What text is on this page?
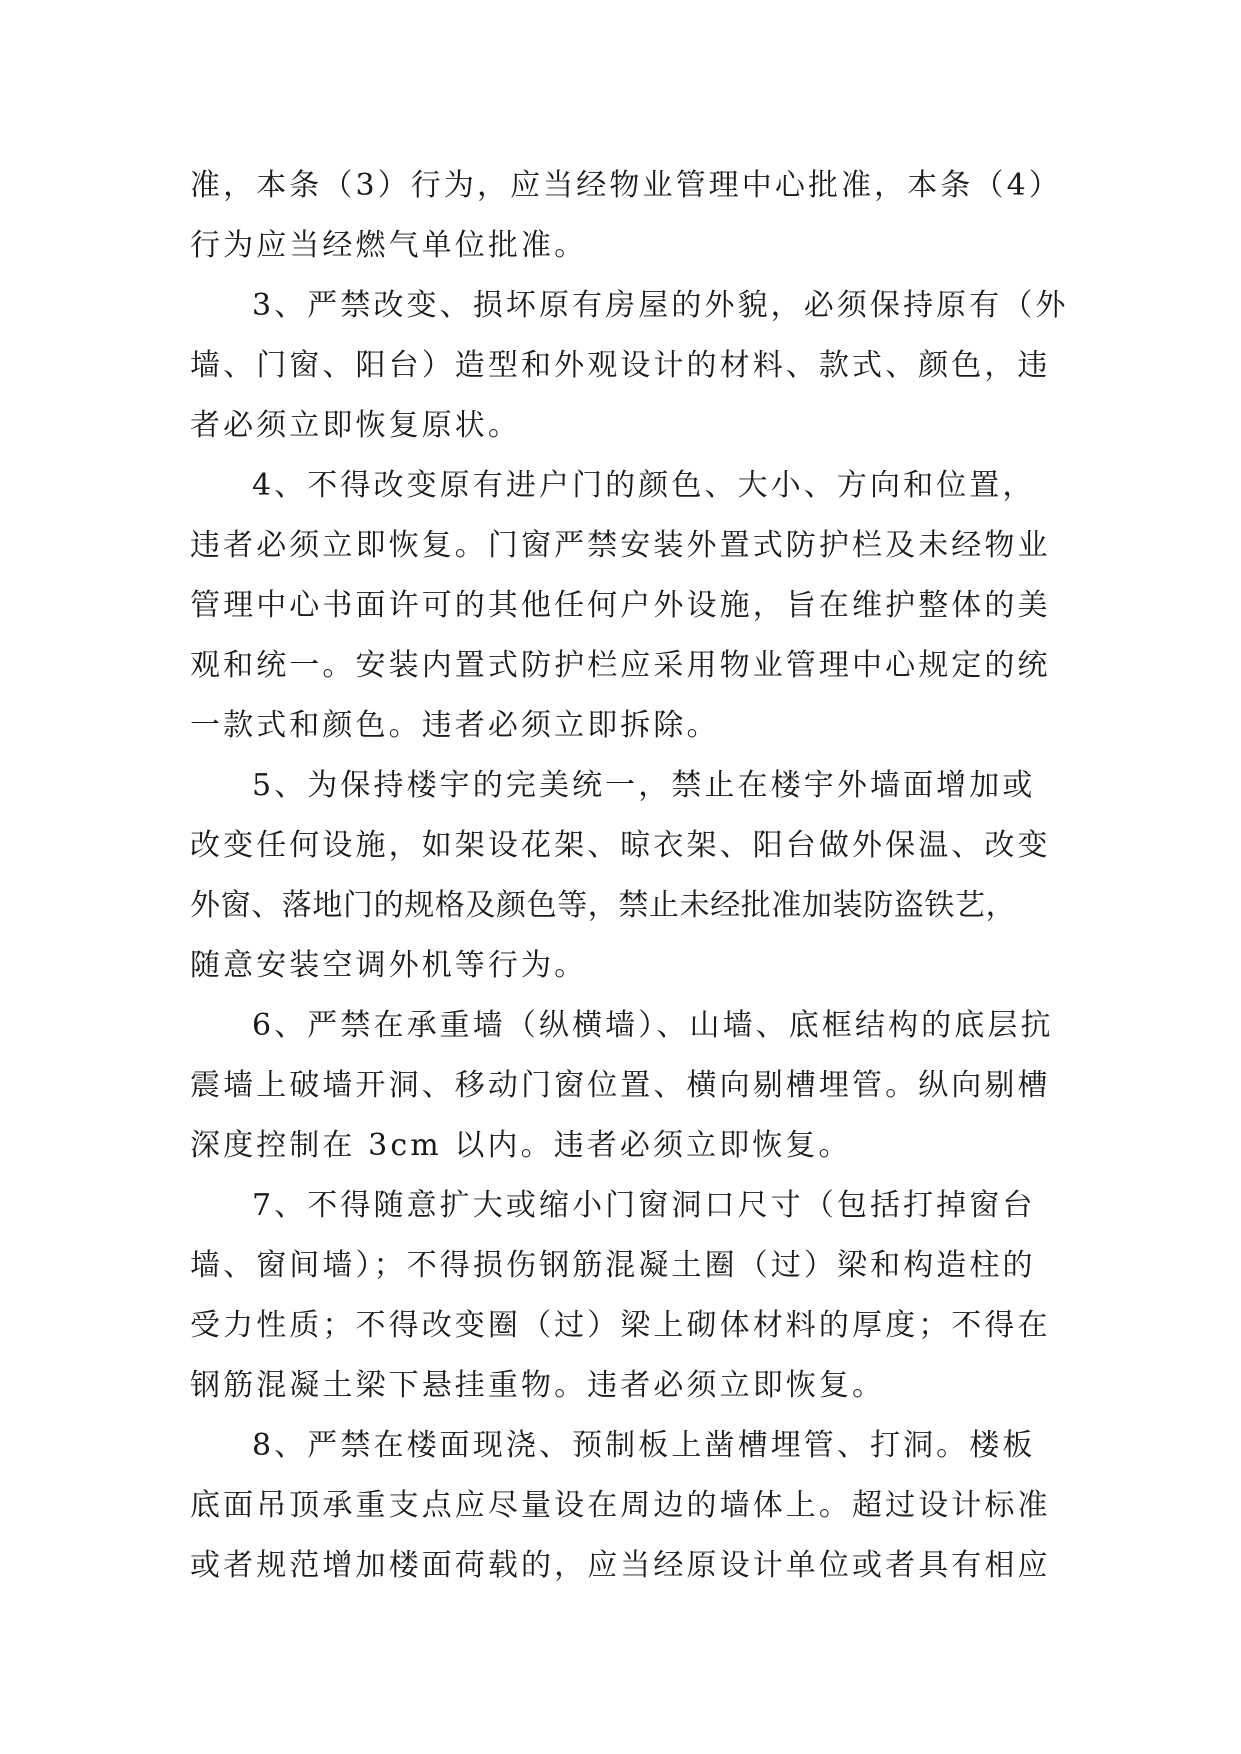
准，本条（3）行为，应当经物业管理中心批准，本条（4）
行为应当经燃气单位批准。
3、严禁改变、损坏原有房屋的外貌，必须保持原有（外
墙、门窗、阳台）造型和外观设计的材料、款式、颜色，违
者必须立即恢复原状。
4、不得改变原有进户门的颜色、大小、方向和位置，
违者必须立即恢复。门窗严禁安装外置式防护栏及未经物业
管理中心书面许可的其他任何户外设施，旨在维护整体的美
观和统一。安装内置式防护栏应采用物业管理中心规定的统
一款式和颜色。违者必须立即拆除。
5、为保持楼宇的完美统一，禁止在楼宇外墙面增加或
改变任何设施，如架设花架、晾衣架、阳台做外保温、改变
外窗、落地门的规格及颜色等，禁止未经批准加装防盗铁艺，
随意安装空调外机等行为。
6、严禁在承重墙（纵横墙）、山墙、底框结构的底层抗
震墙上破墙开洞、移动门窗位置、横向剔槽埋管。纵向剔槽
深度控制在 3cm 以内。违者必须立即恢复。
7、不得随意扩大或缩小门窗洞口尺寸（包括打掉窗台
墙、窗间墙）；不得损伤钢筋混凝土圈（过）梁和构造柱的
受力性质；不得改变圈（过）梁上砌体材料的厚度；不得在
钢筋混凝土梁下悬挂重物。违者必须立即恢复。
8、严禁在楼面现浇、预制板上凿槽埋管、打洞。楼板
底面吊顶承重支点应尽量设在周边的墙体上。超过设计标准
或者规范增加楼面荷载的，应当经原设计单位或者具有相应
